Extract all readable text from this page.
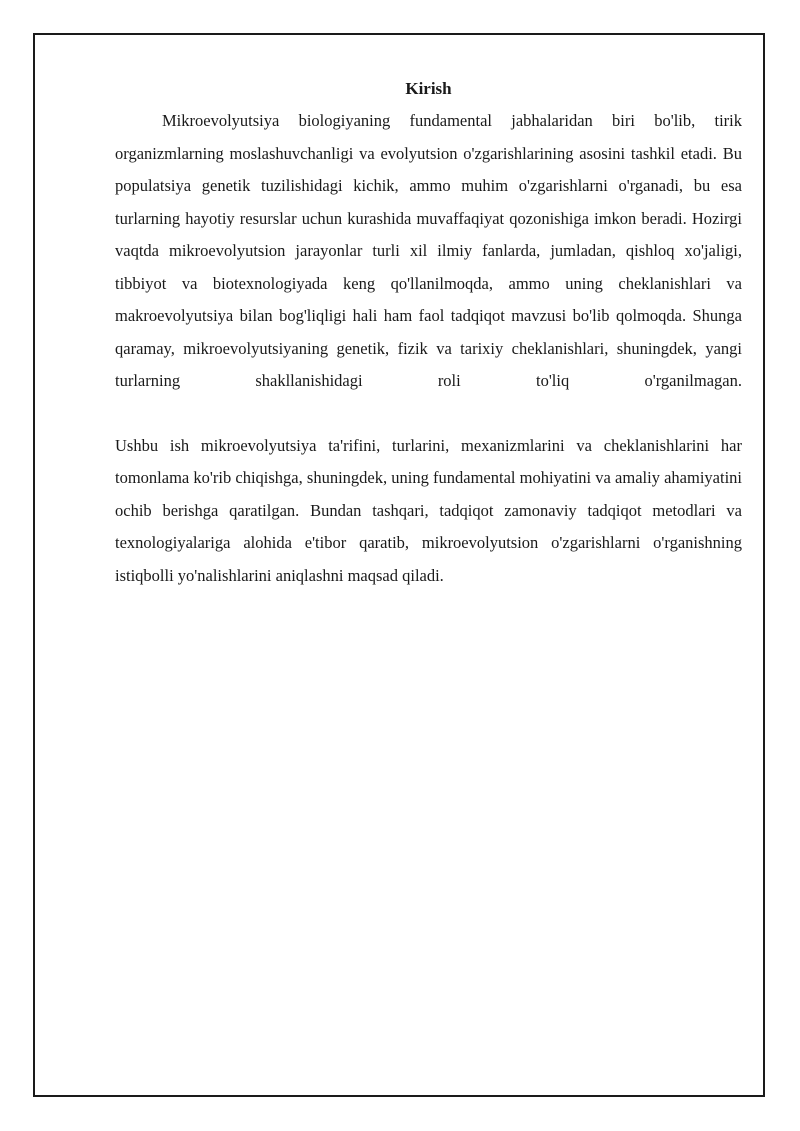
Kirish

Mikroevolyutsiya biologiyaning fundamental jabhalaridan biri bo'lib, tirik organizmlarning moslashuvchanligi va evolyutsion o'zgarishlarining asosini tashkil etadi. Bu populatsiya genetik tuzilishidagi kichik, ammo muhim o'zgarishlarni o'rganadi, bu esa turlarning hayotiy resurslar uchun kurashida muvaffaqiyat qozonishiga imkon beradi. Hozirgi vaqtda mikroevolyutsion jarayonlar turli xil ilmiy fanlarda, jumladan, qishloq xo'jaligi, tibbiyot va biotexnologiyada keng qo'llanilmoqda, ammo uning cheklanishlari va makroevolyutsiya bilan bog'liqligi hali ham faol tadqiqot mavzusi bo'lib qolmoqda. Shunga qaramay, mikroevolyutsiyaning genetik, fizik va tarixiy cheklanishlari, shuningdek, yangi turlarning shakllanishidagi roli to'liq o'rganilmagan.

Ushbu ish mikroevolyutsiya ta'rifini, turlarini, mexanizmlarini va cheklanishlarini har tomonlama ko'rib chiqishga, shuningdek, uning fundamental mohiyatini va amaliy ahamiyatini ochib berishga qaratilgan. Bundan tashqari, tadqiqot zamonaviy tadqiqot metodlari va texnologiyalariga alohida e'tibor qaratib, mikroevolyutsion o'zgarishlarni o'rganishning istiqbolli yo'nalishlarini aniqlashni maqsad qiladi.
